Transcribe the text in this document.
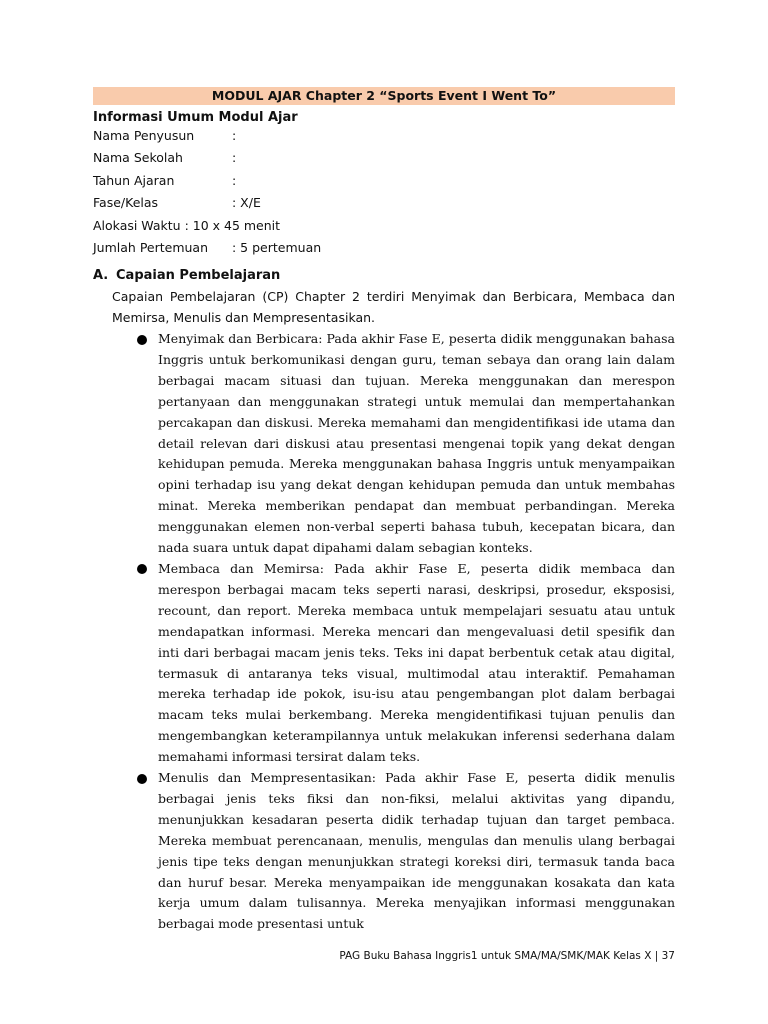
MODUL AJAR Chapter 2 “Sports Event I Went To”
Informasi Umum Modul Ajar
Nama Penyusun	:
Nama Sekolah	:
Tahun Ajaran	:
Fase/Kelas	: X/E
Alokasi Waktu : 10 x 45 menit
Jumlah Pertemuan : 5 pertemuan
A. Capaian Pembelajaran
Capaian Pembelajaran (CP) Chapter 2 terdiri Menyimak dan Berbicara, Membaca dan Memirsa, Menulis dan Mempresentasikan.
Menyimak dan Berbicara: Pada akhir Fase E, peserta didik menggunakan bahasa Inggris untuk berkomunikasi dengan guru, teman sebaya dan orang lain dalam berbagai macam situasi dan tujuan. Mereka menggunakan dan merespon pertanyaan dan menggunakan strategi untuk memulai dan mempertahankan percakapan dan diskusi. Mereka memahami dan mengidentifikasi ide utama dan detail relevan dari diskusi atau presentasi mengenai topik yang dekat dengan kehidupan pemuda. Mereka menggunakan bahasa Inggris untuk menyampaikan opini terhadap isu yang dekat dengan kehidupan pemuda dan untuk membahas minat. Mereka memberikan pendapat dan membuat perbandingan. Mereka menggunakan elemen non-verbal seperti bahasa tubuh, kecepatan bicara, dan nada suara untuk dapat dipahami dalam sebagian konteks.
Membaca dan Memirsa: Pada akhir Fase E, peserta didik membaca dan merespon berbagai macam teks seperti narasi, deskripsi, prosedur, eksposisi, recount, dan report. Mereka membaca untuk mempelajari sesuatu atau untuk mendapatkan informasi. Mereka mencari dan mengevaluasi detil spesifik dan inti dari berbagai macam jenis teks. Teks ini dapat berbentuk cetak atau digital, termasuk di antaranya teks visual, multimodal atau interaktif. Pemahaman mereka terhadap ide pokok, isu-isu atau pengembangan plot dalam berbagai macam teks mulai berkembang. Mereka mengidentifikasi tujuan penulis dan mengembangkan keterampilannya untuk melakukan inferensi sederhana dalam memahami informasi tersirat dalam teks.
Menulis dan Mempresentasikan: Pada akhir Fase E, peserta didik menulis berbagai jenis teks fiksi dan non-fiksi, melalui aktivitas yang dipandu, menunjukkan kesadaran peserta didik terhadap tujuan dan target pembaca. Mereka membuat perencanaan, menulis, mengulas dan menulis ulang berbagai jenis tipe teks dengan menunjukkan strategi koreksi diri, termasuk tanda baca dan huruf besar. Mereka menyampaikan ide menggunakan kosakata dan kata kerja umum dalam tulisannya. Mereka menyajikan informasi menggunakan berbagai mode presentasi untuk
PAG Buku Bahasa Inggris1 untuk SMA/MA/SMK/MAK Kelas X | 37
